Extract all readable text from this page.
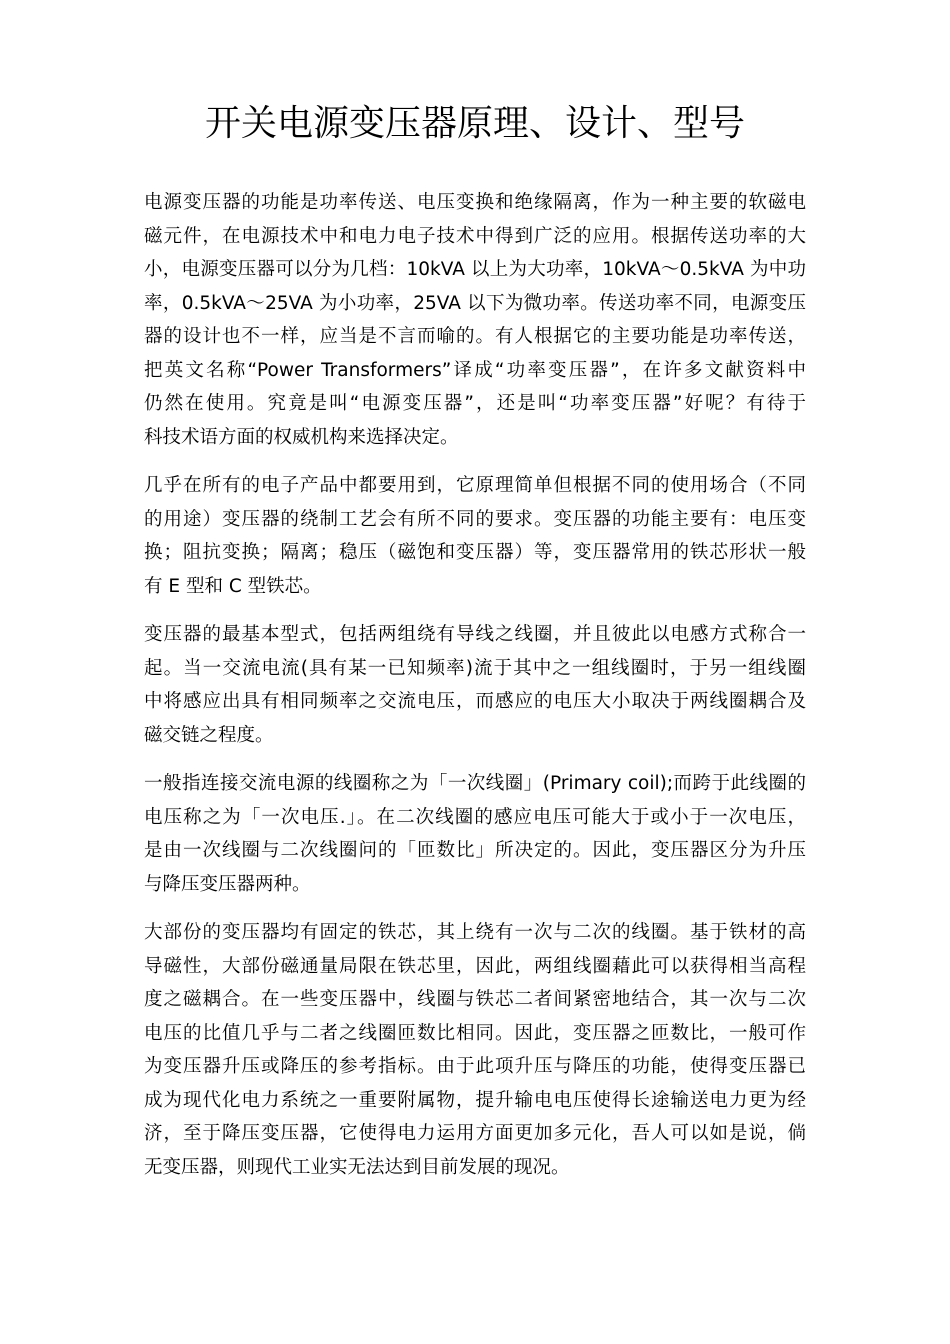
开关电源变压器原理、设计、型号

电源变压器的功能是功率传送、电压变换和绝缘隔离，作为一种主要的软磁电
磁元件，在电源技术中和电力电子技术中得到广泛的应用。根据传送功率的大
小，电源变压器可以分为几档：10kVA 以上为大功率，10kVA～0.5kVA 为中功
率，0.5kVA～25VA 为小功率，25VA 以下为微功率。传送功率不同，电源变压
器的设计也不一样，应当是不言而喻的。有人根据它的主要功能是功率传送，
把英文名称“Power Transformers”译成“功率变压器”，在许多文献资料中
仍然在使用。究竟是叫“电源变压器”，还是叫“功率变压器”好呢？有待于
科技术语方面的权威机构来选择决定。

几乎在所有的电子产品中都要用到，它原理简单但根据不同的使用场合（不同
的用途）变压器的绕制工艺会有所不同的要求。变压器的功能主要有：电压变
换；阻抗变换；隔离；稳压（磁饱和变压器）等，变压器常用的铁芯形状一般
有 E 型和 C 型铁芯。

变压器的最基本型式，包括两组绕有导线之线圈，并且彼此以电感方式称合一
起。当一交流电流(具有某一已知频率)流于其中之一组线圈时，于另一组线圈
中将感应出具有相同频率之交流电压，而感应的电压大小取决于两线圈耦合及
磁交链之程度。

一般指连接交流电源的线圈称之为「一次线圈」(Primary coil);而跨于此线圈的
电压称之为「一次电压.」。在二次线圈的感应电压可能大于或小于一次电压，
是由一次线圈与二次线圈问的「匝数比」所决定的。因此，变压器区分为升压
与降压变压器两种。

大部份的变压器均有固定的铁芯，其上绕有一次与二次的线圈。基于铁材的高
导磁性，大部份磁通量局限在铁芯里，因此，两组线圈藉此可以获得相当高程
度之磁耦合。在一些变压器中，线圈与铁芯二者间紧密地结合，其一次与二次
电压的比值几乎与二者之线圈匝数比相同。因此，变压器之匝数比，一般可作
为变压器升压或降压的参考指标。由于此项升压与降压的功能，使得变压器已
成为现代化电力系统之一重要附属物，提升输电电压使得长途输送电力更为经
济，至于降压变压器，它使得电力运用方面更加多元化，吾人可以如是说，倘
无变压器，则现代工业实无法达到目前发展的现况。
